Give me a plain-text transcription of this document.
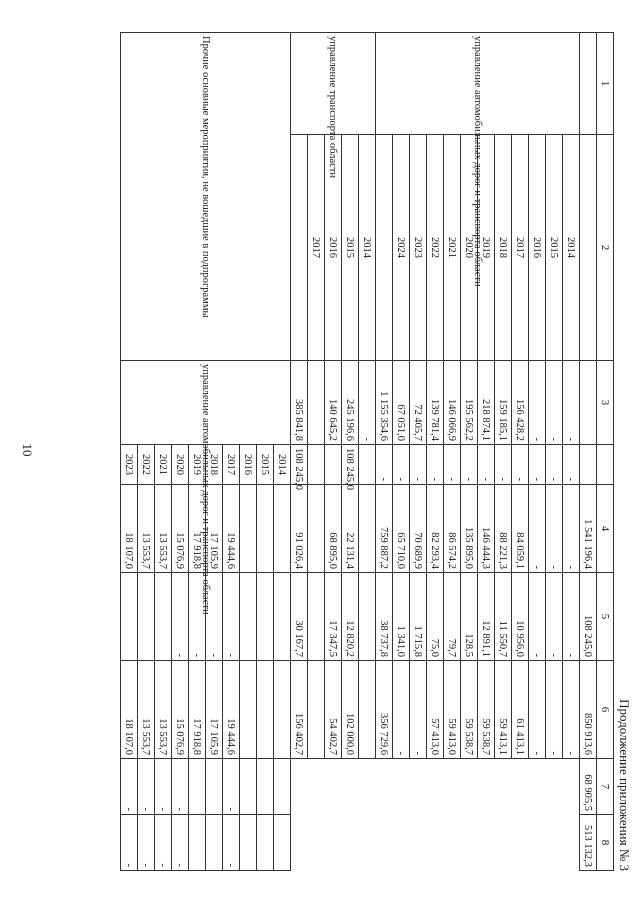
Продолжение приложения № 3
1	2	3		4	5	6	7	8
				1 541 196,4	108 245,0	850 913,6	68 905,5	513 132,3
управление автомобильных дорог и транспорта области	2014	-	-	-	-	-		
	2015	-	-	-	-	-		
	2016	-	-	-	-	-		
	2017	156 428,2	-	84 059,1	10 956,0	61 413,1		
	2018	159 185,1	-	88 221,3	11 550,7	59 413,1		
	2019	218 874,1	-	146 444,3	12 891,1	59 538,7		
	2020	195 562,2	-	135 895,0	128,5	59 538,7		
	2021	146 066,9	-	86 574,2	79,7	59 413,0		
	2022	139 781,4	-	82 293,4	75,0	57 413,0		
	2023	72 405,7	-	70 689,9	1 715,8	-		
	2024	67 051,0	-	65 710,0	1 341,0	-		
		1 155 354,6	-	759 887,2	38 737,8	356 729,6		
управление транспорта области	2014	-						
	2015	245 196,6	108 245,0	22 131,4	12 820,2	102 000,0		
	2016	140 645,2		68 895,0	17 347,5	54 402,7		
	2017							
		385 841,8	108 245,0	91 026,4	30 167,7	156 402,7		
Прочие основные мероприятия, не вошедшие в подпрограммы		управление автомобильных дорог и транспорта области	2014					
			2015					
			2016					
			2017	19 444,6	-	19 444,6	-	-
			2018	17 105,9	-	17 105,9		
			2019	17 918,8	-	17 918,8		
			2020	15 076,9	-	15 076,9	-	-
			2021	13 553,7		13 553,7	-	-
			2022	13 553,7		13 553,7	-	-
			2023	18 107,0		18 107,0	-	-
10
